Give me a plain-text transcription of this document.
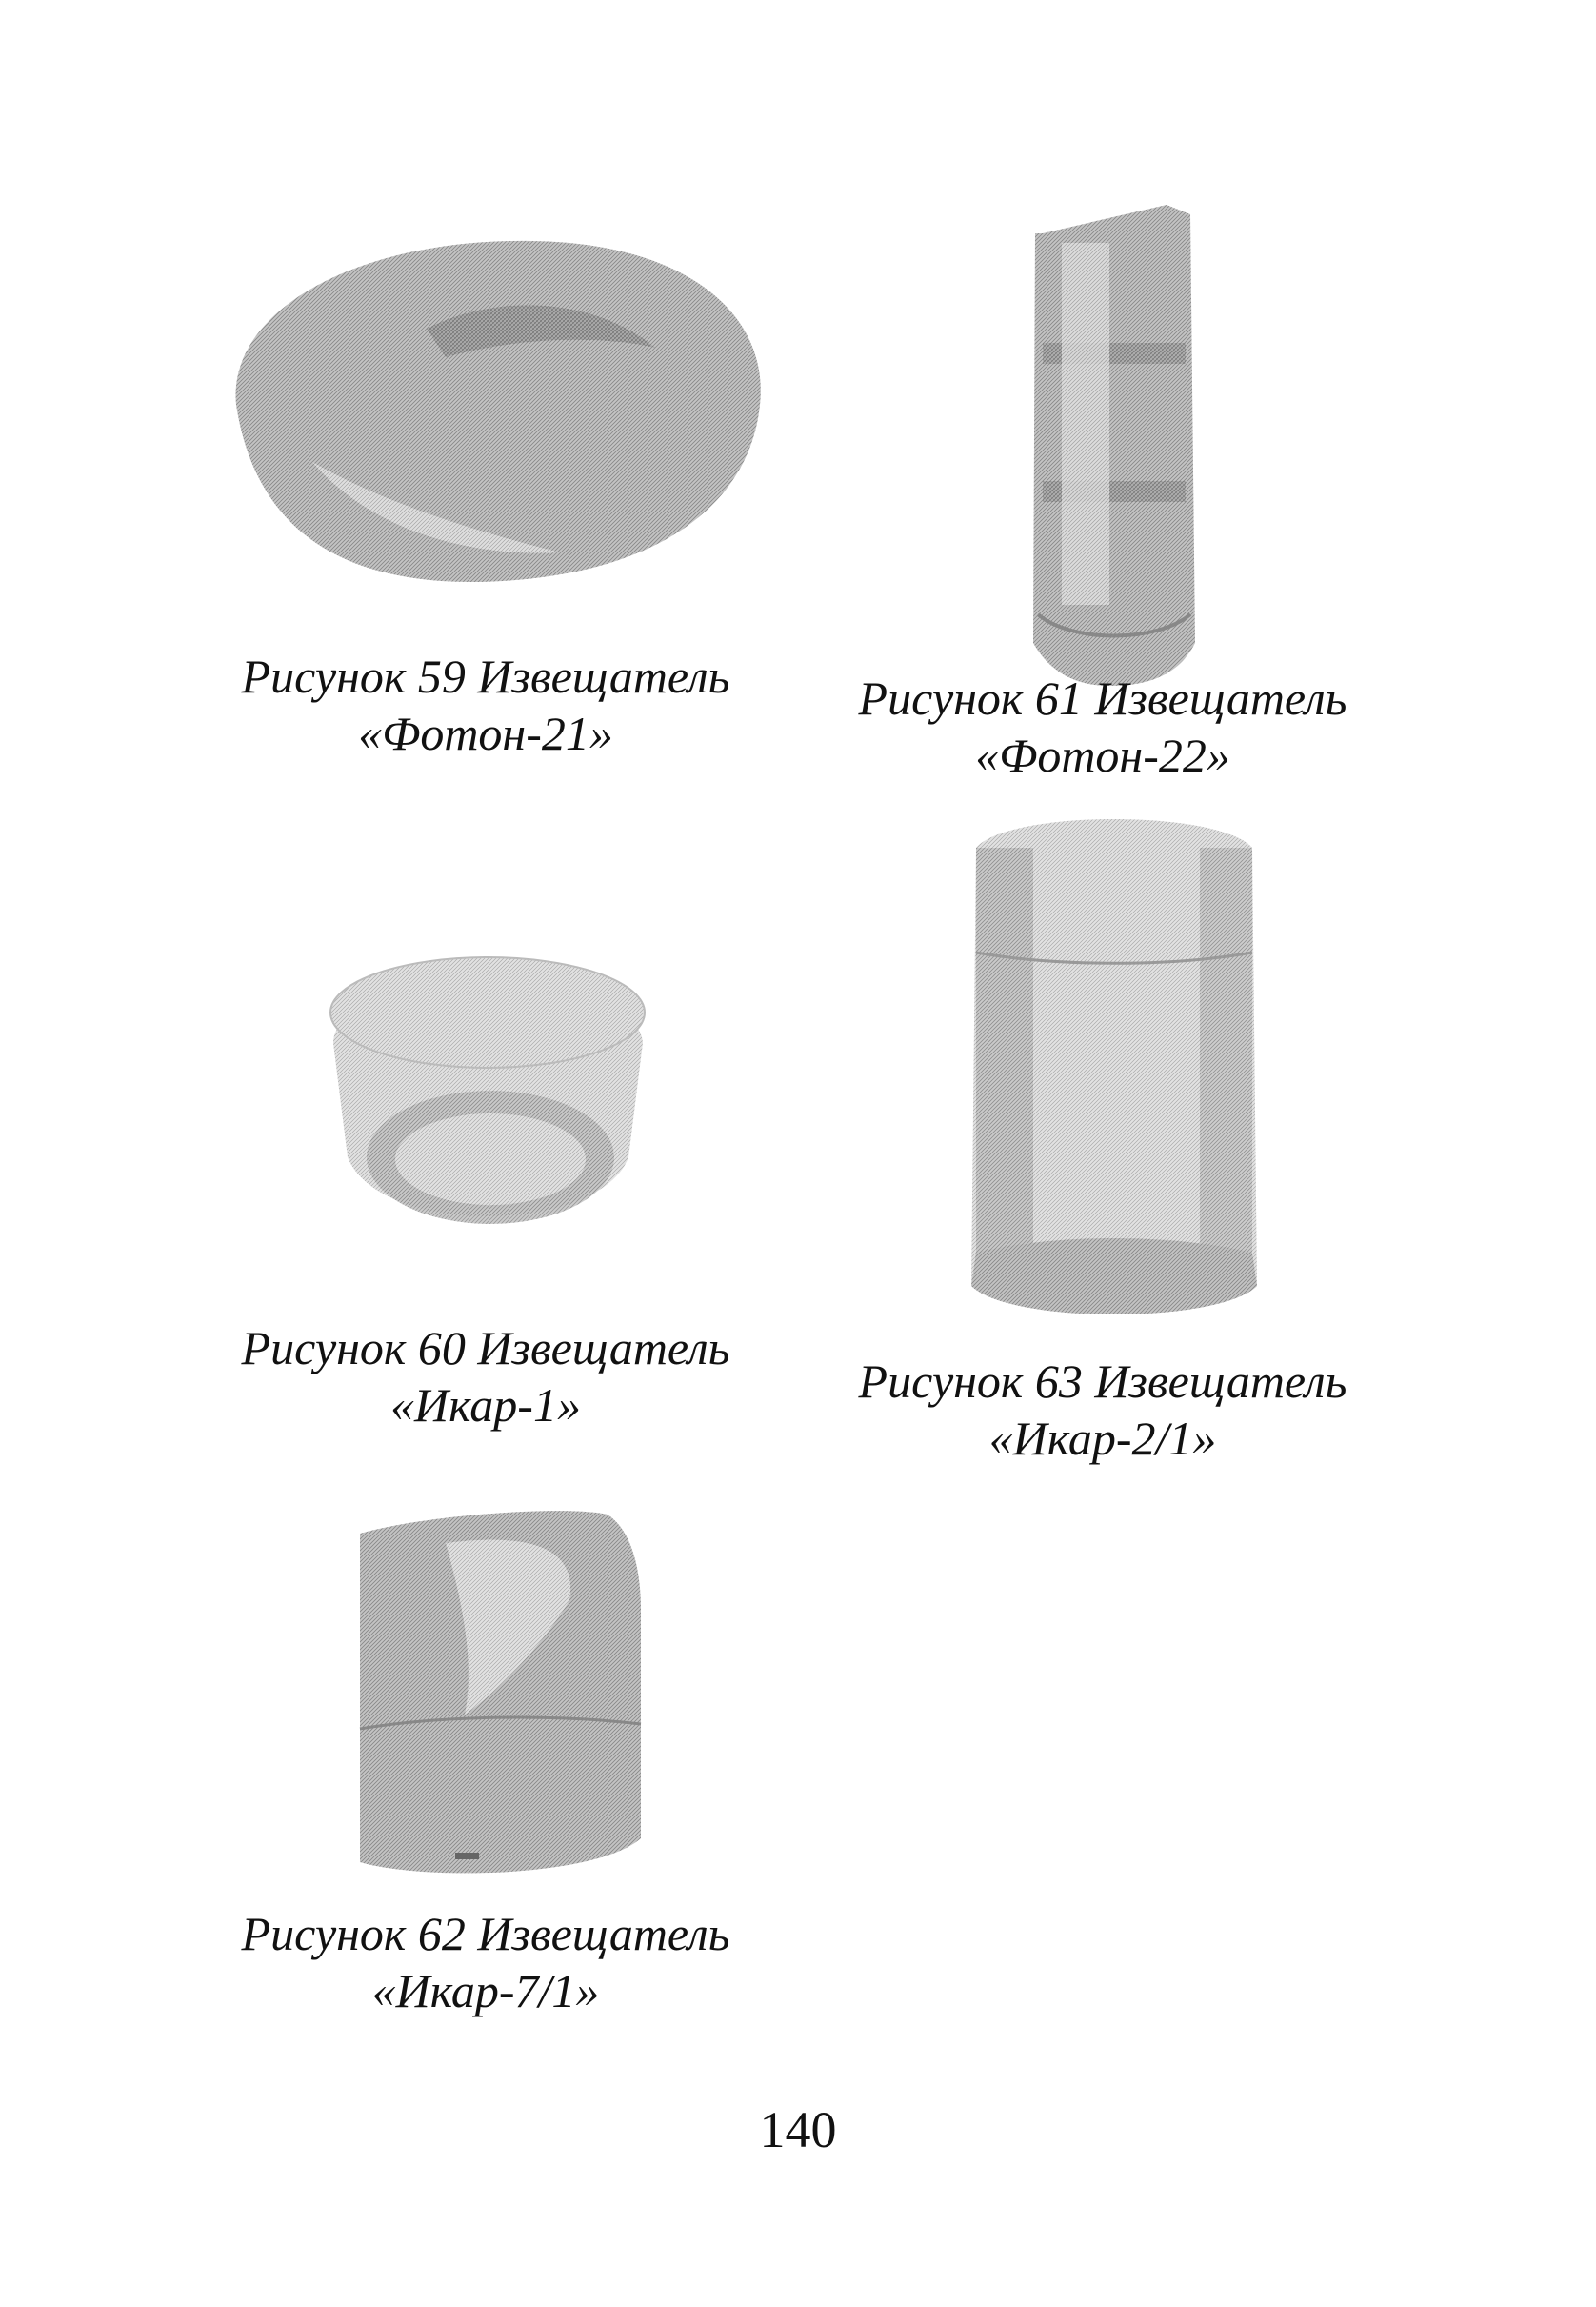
Рисунок 59 Извещатель
«Фотон-21»
Рисунок 61 Извещатель
«Фотон-22»
Рисунок 60 Извещатель
«Икар-1»	Рисунок 63 Извещатель
«Икар-2/1»
Рисунок 62 Извещатель
«Икар-7/1»
140
